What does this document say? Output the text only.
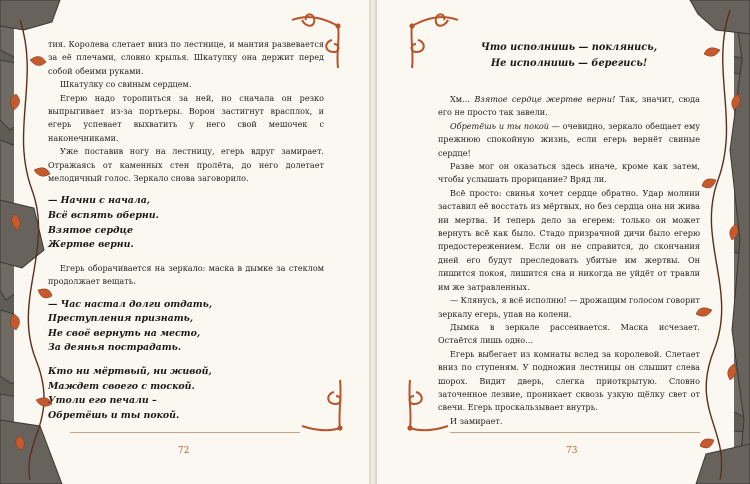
тия. Королева слетает вниз по лестнице, и мантия развевается за её плечами, словно крылья. Шкатулку она держит перед собой обеими руками.

Шкатулку со свиным сердцем.

Егерю надо торопиться за ней, но сначала он резко выпрыгивает из-за портьеры. Ворон застигнут врасплох, и егерь успевает выхватить у него свой мешочек с наконечниками.

Уже поставив ногу на лестницу, егерь вдруг замирает. Отражаясь от каменных стен пролёта, до него долетает мелодичный голос. Зеркало снова заговорило.

— Начни с начала,

Всё вспять оберни.

Взятое сердце

Жертве верни.

Егерь оборачивается на зеркало: маска в дымке за стеклом продолжает вещать.

— Час настал долги отдать,

Преступления признать,

Не своё вернуть на место,

За деянья пострадать.

Кто ни мёртвый, ни живой,

Маждет своего с тоской.

Утоли его печали –

Обретёшь и ты покой.

Что исполнишь — поклянись,

Не исполнишь — берегись!

Хм… Взятое сердце жертве верни! Так, значит, сюда его не просто так завели.

Обретёшь и ты покой — очевидно, зеркало обещает ему прежнюю спокойную жизнь, если егерь вернёт свиные сердце!

Разве мог он оказаться здесь иначе, кроме как затем, чтобы услышать прорицание? Вряд ли.

Всё просто: свинья хочет сердце обратно. Удар молнии заставил её восстать из мёртвых, но без сердца она ни жива ни мертва. И теперь дело за егерем: только он может вернуть всё как было. Стадо призрачной дичи было егерю предостережением. Если он не справится, до скончания дней его будут преследовать убитые им жертвы. Он лишится покоя, лишится сна и никогда не уйдёт от травли им же затравленных.

— Клянусь, я всё исполню! — дрожащим голосом говорит зеркалу егерь, упав на колени.

Дымка в зеркале рассеивается. Маска исчезает. Остаётся лишь одно…

Егерь выбегает из комнаты вслед за королевой. Слетает вниз по ступеням. У подножия лестницы он слышит слева шорох. Видит дверь, слегка приоткрытую. Словно заточенное лезвие, проникает сквозь узкую щёлку свет от свечи. Егерь проскальзывает внутрь.

И замирает.

72	73
